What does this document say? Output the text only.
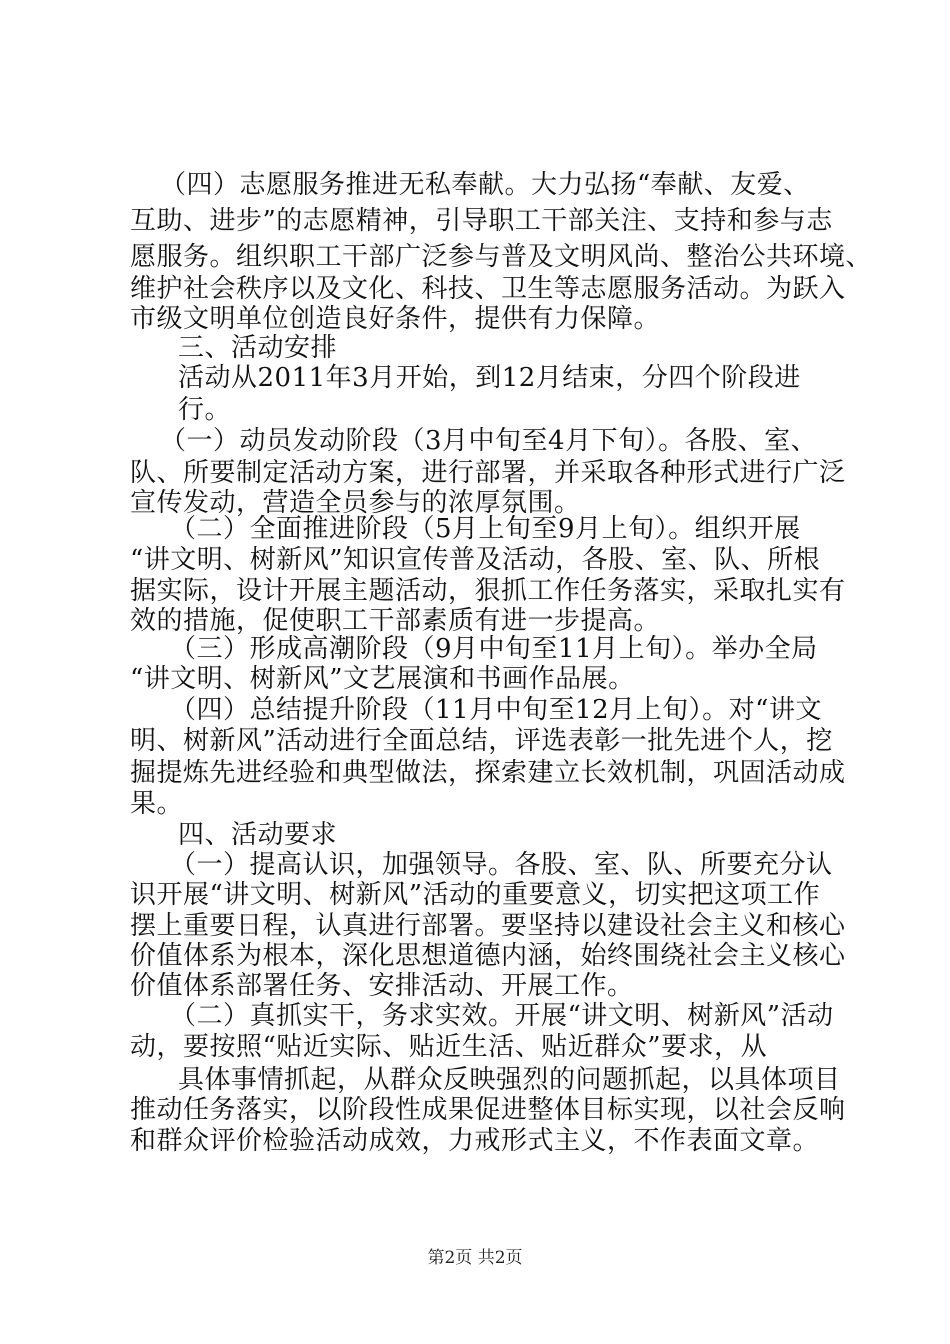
（四）志愿服务推进无私奉献。大力弘扬“奉献、友爱、
互助、进步”的志愿精神，引导职工干部关注、支持和参与志
愿服务。组织职工干部广泛参与普及文明风尚、整治公共环境、
维护社会秩序以及文化、科技、卫生等志愿服务活动。为跃入
市级文明单位创造良好条件，提供有力保障。
三、活动安排
活动从2011年3月开始，到12月结束，分四个阶段进
行。
（一）动员发动阶段（3月中旬至4月下旬）。各股、室、
队、所要制定活动方案，进行部署，并采取各种形式进行广泛
宣传发动，营造全员参与的浓厚氛围。
（二）全面推进阶段（5月上旬至9月上旬）。组织开展
“讲文明、树新风”知识宣传普及活动，各股、室、队、所根
据实际，设计开展主题活动，狠抓工作任务落实，采取扎实有
效的措施，促使职工干部素质有进一步提高。
（三）形成高潮阶段（9月中旬至11月上旬）。举办全局
“讲文明、树新风”文艺展演和书画作品展。
（四）总结提升阶段（11月中旬至12月上旬）。对“讲文
明、树新风”活动进行全面总结，评选表彰一批先进个人，挖
掘提炼先进经验和典型做法，探索建立长效机制，巩固活动成
果。
四、活动要求
（一）提高认识，加强领导。各股、室、队、所要充分认
识开展“讲文明、树新风”活动的重要意义，切实把这项工作
摆上重要日程，认真进行部署。要坚持以建设社会主义和核心
价值体系为根本，深化思想道德内涵，始终围绕社会主义核心
价值体系部署任务、安排活动、开展工作。
（二）真抓实干，务求实效。开展“讲文明、树新风”活动
动，要按照“贴近实际、贴近生活、贴近群众”要求，从
具体事情抓起，从群众反映强烈的问题抓起，以具体项目
推动任务落实，以阶段性成果促进整体目标实现，以社会反响
和群众评价检验活动成效，力戒形式主义，不作表面文章。
第2页 共2页
